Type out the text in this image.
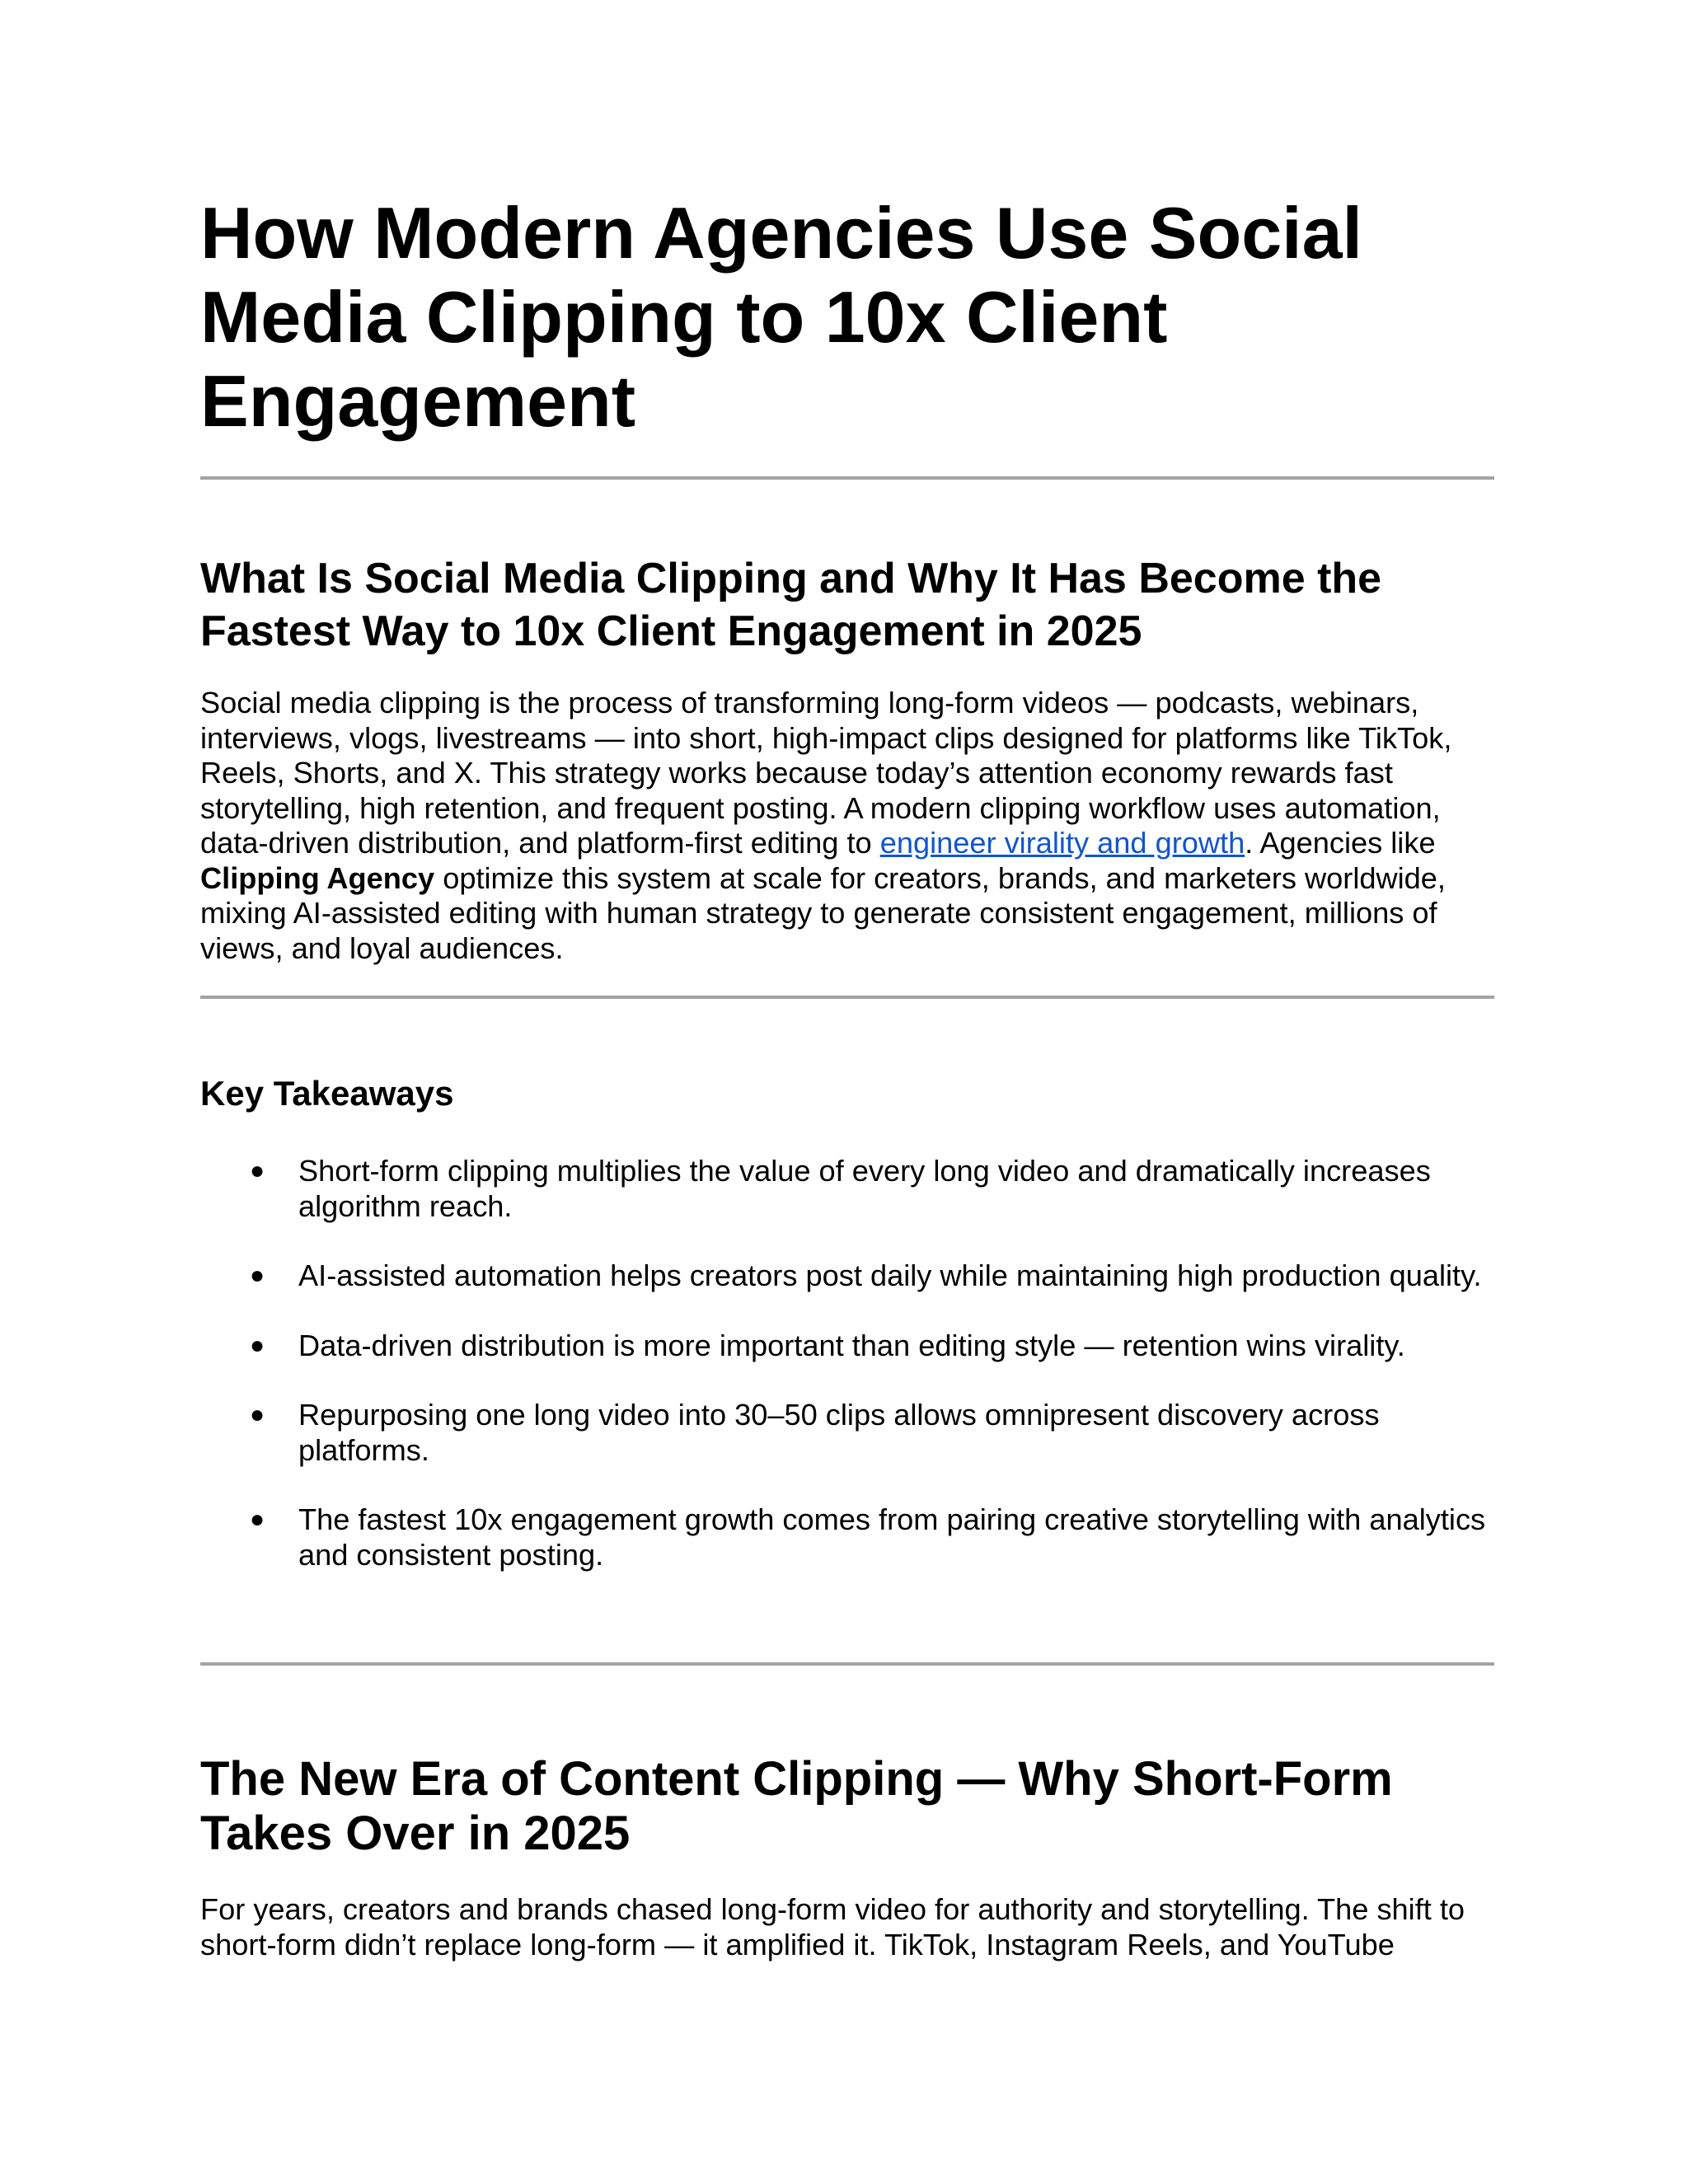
How Modern Agencies Use Social Media Clipping to 10x Client Engagement
What Is Social Media Clipping and Why It Has Become the Fastest Way to 10x Client Engagement in 2025

Social media clipping is the process of transforming long-form videos — podcasts, webinars, interviews, vlogs, livestreams — into short, high-impact clips designed for platforms like TikTok, Reels, Shorts, and X. This strategy works because today’s attention economy rewards fast storytelling, high retention, and frequent posting. A modern clipping workflow uses automation, data-driven distribution, and platform-first editing to engineer virality and growth. Agencies like Clipping Agency optimize this system at scale for creators, brands, and marketers worldwide, mixing AI-assisted editing with human strategy to generate consistent engagement, millions of views, and loyal audiences.

Key Takeaways
● Short-form clipping multiplies the value of every long video and dramatically increases algorithm reach.
● AI-assisted automation helps creators post daily while maintaining high production quality.
● Data-driven distribution is more important than editing style — retention wins virality.
● Repurposing one long video into 30–50 clips allows omnipresent discovery across platforms.
● The fastest 10x engagement growth comes from pairing creative storytelling with analytics and consistent posting.
The New Era of Content Clipping — Why Short-Form Takes Over in 2025

For years, creators and brands chased long-form video for authority and storytelling. The shift to short-form didn’t replace long-form — it amplified it. TikTok, Instagram Reels, and YouTube
